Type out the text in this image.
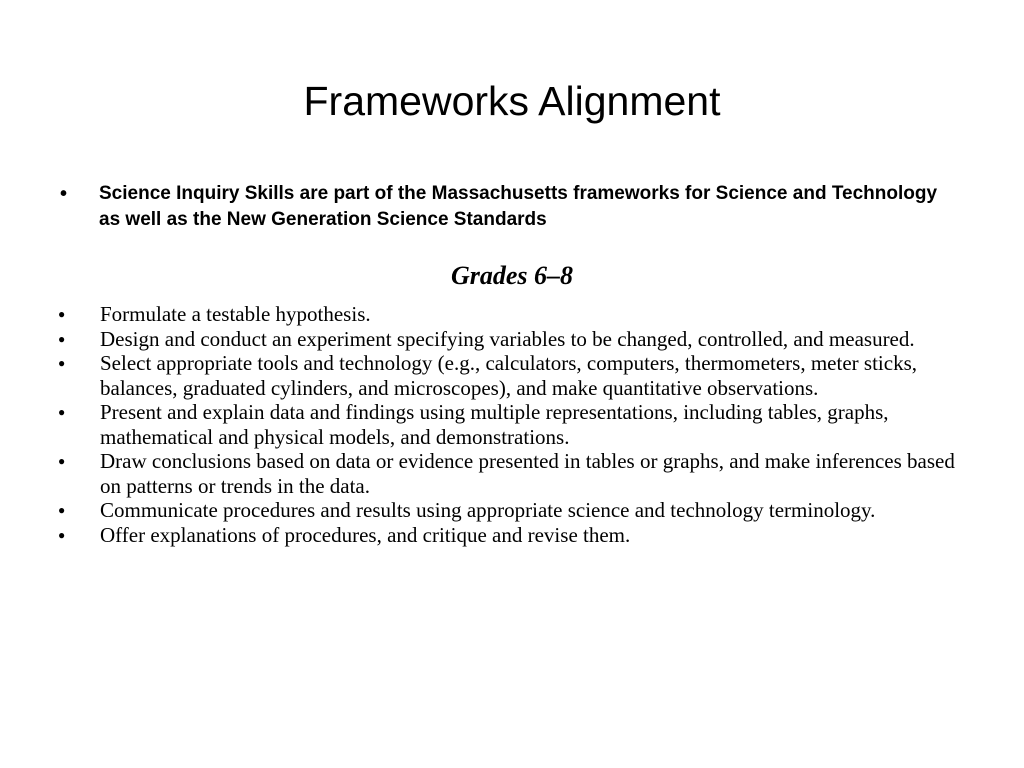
Frameworks Alignment
•	Science Inquiry Skills are part of the Massachusetts frameworks for Science and Technology as well as the New Generation Science Standards
Grades 6–8
●	Formulate a testable hypothesis.
●	Design and conduct an experiment specifying variables to be changed, controlled, and measured.
●	Select appropriate tools and technology (e.g., calculators, computers, thermometers, meter sticks, balances, graduated cylinders, and microscopes), and make quantitative observations.
●	Present and explain data and findings using multiple representations, including tables, graphs, mathematical and physical models, and demonstrations.
●	Draw conclusions based on data or evidence presented in tables or graphs, and make inferences based on patterns or trends in the data.
●	Communicate procedures and results using appropriate science and technology terminology.
●	Offer explanations of procedures, and critique and revise them.
